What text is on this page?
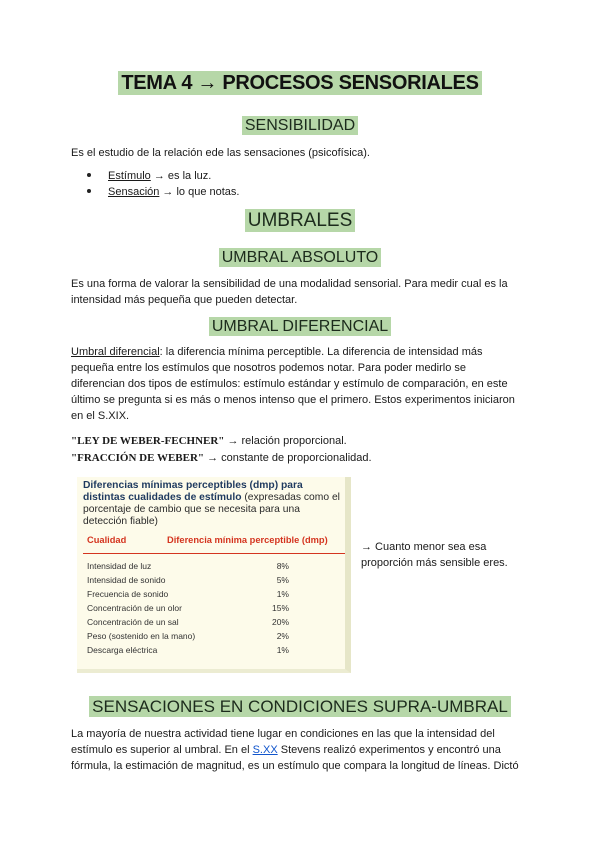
TEMA 4 → PROCESOS SENSORIALES
SENSIBILIDAD
Es el estudio de la relación ede las sensaciones (psicofísica).
Estímulo → es la luz.
Sensación → lo que notas.
UMBRALES
UMBRAL ABSOLUTO
Es una forma de valorar la sensibilidad de una modalidad sensorial. Para medir cual es la intensidad más pequeña que pueden detectar.
UMBRAL DIFERENCIAL
Umbral diferencial: la diferencia mínima perceptible. La diferencia de intensidad más pequeña entre los estímulos que nosotros podemos notar. Para poder medirlo se diferencian dos tipos de estímulos: estímulo estándar y estímulo de comparación, en este último se pregunta si es más o menos intenso que el primero. Estos experimentos iniciaron en el S.XIX.
"LEY DE WEBER-FECHNER" → relación proporcional.
"FRACCIÓN DE WEBER" → constante de proporcionalidad.
Diferencias mínimas perceptibles (dmp) para distintas cualidades de estímulo (expresadas como el porcentaje de cambio que se necesita para una detección fiable)
Cualidad	Diferencia mínima perceptible (dmp)
Intensidad de luz	8%
Intensidad de sonido	5%
Frecuencia de sonido	1%
Concentración de un olor	15%
Concentración de un sal	20%
Peso (sostenido en la mano)	2%
Descarga eléctrica	1%
→ Cuanto menor sea esa proporción más sensible eres.
SENSACIONES EN CONDICIONES SUPRA-UMBRAL
La mayoría de nuestra actividad tiene lugar en condiciones en las que la intensidad del estímulo es superior al umbral. En el S.XX Stevens realizó experimentos y encontró una fórmula, la estimación de magnitud, es un estímulo que compara la longitud de líneas. Dictó
